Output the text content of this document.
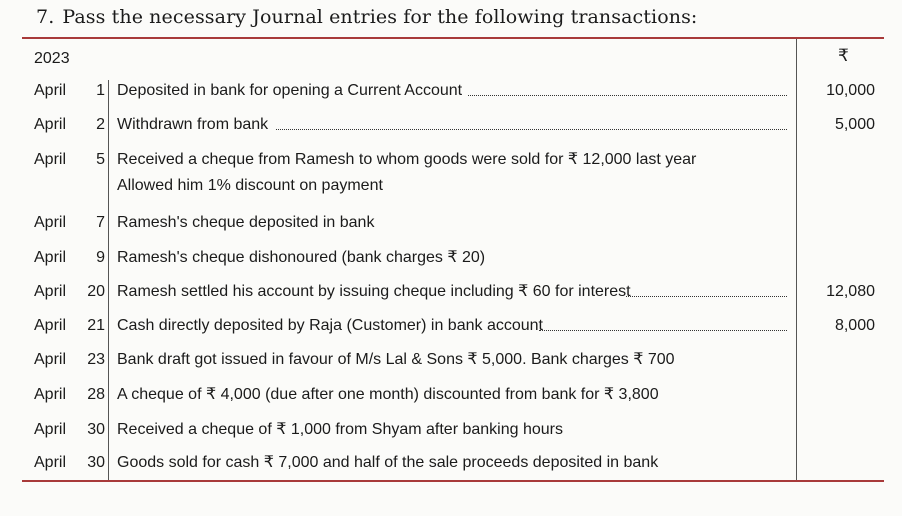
7. Pass the necessary Journal entries for the following transactions:
2023	₹
April 1 Deposited in bank for opening a Current Account	10,000
April 2 Withdrawn from bank	5,000
April 5 Received a cheque from Ramesh to whom goods were sold for ₹ 12,000 last year
Allowed him 1% discount on payment
April 7 Ramesh's cheque deposited in bank
April 9 Ramesh's cheque dishonoured (bank charges ₹ 20)
April 20 Ramesh settled his account by issuing cheque including ₹ 60 for interest	12,080
April 21 Cash directly deposited by Raja (Customer) in bank account	8,000
April 23 Bank draft got issued in favour of M/s Lal & Sons ₹ 5,000. Bank charges ₹ 700
April 28 A cheque of ₹ 4,000 (due after one month) discounted from bank for ₹ 3,800
April 30 Received a cheque of ₹ 1,000 from Shyam after banking hours
April 30 Goods sold for cash ₹ 7,000 and half of the sale proceeds deposited in bank
